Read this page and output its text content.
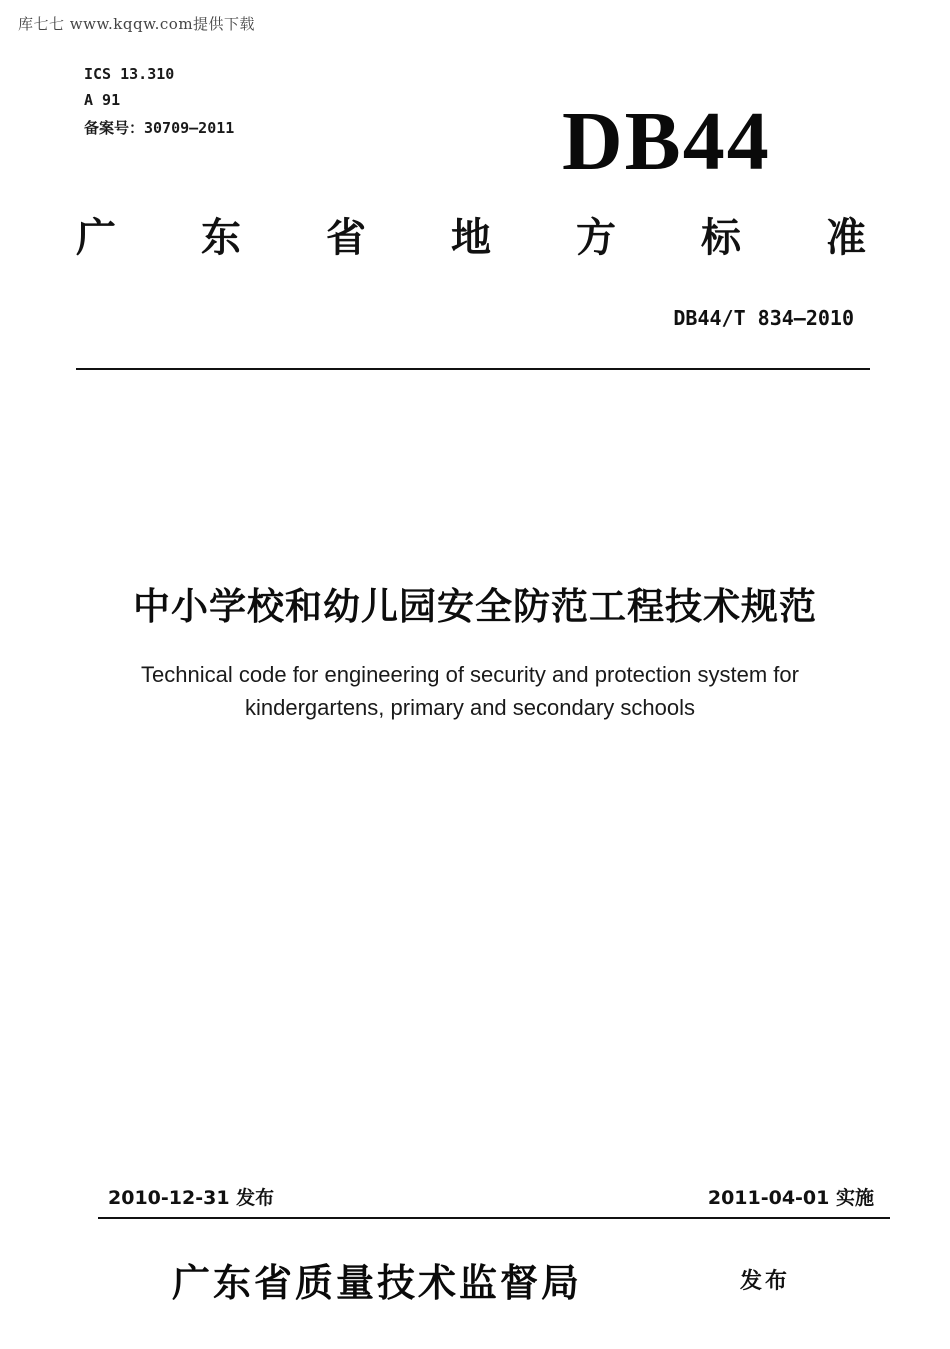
库七七 www.kqqw.com提供下载
ICS 13.310
A 91
备案号：30709—2011	DB44
广 东 省 地 方 标 准
DB44/T 834—2010
中小学校和幼儿园安全防范工程技术规范
Technical code for engineering of security and protection system for
kindergartens, primary and secondary schools
2010-12-31 发布	2011-04-01 实施
广东省质量技术监督局	发布
